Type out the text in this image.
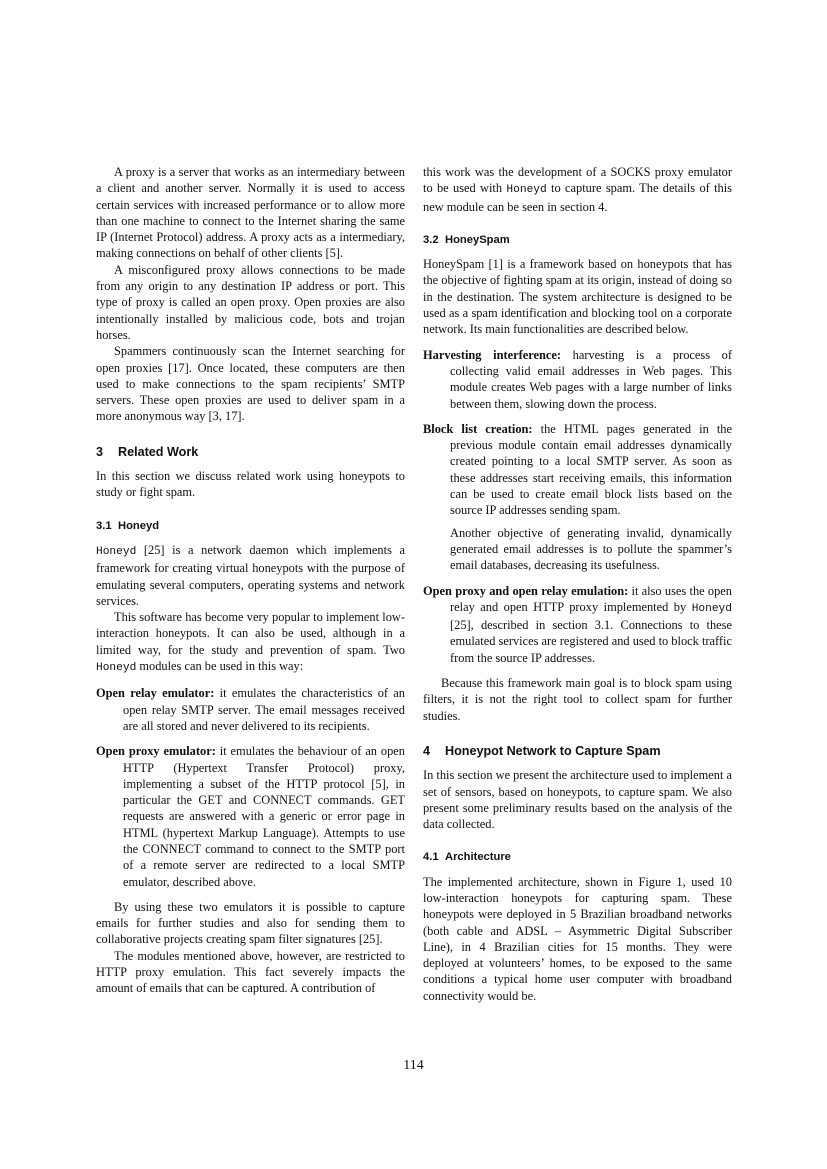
A proxy is a server that works as an intermediary between a client and another server. Normally it is used to access certain services with increased performance or to allow more than one machine to connect to the Internet sharing the same IP (Internet Protocol) address. A proxy acts as a intermediary, making connections on behalf of other clients [5].

A misconfigured proxy allows connections to be made from any origin to any destination IP address or port. This type of proxy is called an open proxy. Open proxies are also intentionally installed by malicious code, bots and trojan horses.

Spammers continuously scan the Internet searching for open proxies [17]. Once located, these computers are then used to make connections to the spam recipients’ SMTP servers. These open proxies are used to deliver spam in a more anonymous way [3, 17].

3 Related Work

In this section we discuss related work using honeypots to study or fight spam.

3.1 Honeyd

Honeyd [25] is a network daemon which implements a framework for creating virtual honeypots with the purpose of emulating several computers, operating systems and network services.

This software has become very popular to implement low-interaction honeypots. It can also be used, although in a limited way, for the study and prevention of spam. Two Honeyd modules can be used in this way:

Open relay emulator: it emulates the characteristics of an open relay SMTP server. The email messages received are all stored and never delivered to its recipients.
Open proxy emulator: it emulates the behaviour of an open HTTP (Hypertext Transfer Protocol) proxy, implementing a subset of the HTTP protocol [5], in particular the GET and CONNECT commands. GET requests are answered with a generic or error page in HTML (hypertext Markup Language). Attempts to use the CONNECT command to connect to the SMTP port of a remote server are redirected to a local SMTP emulator, described above.

By using these two emulators it is possible to capture emails for further studies and also for sending them to collaborative projects creating spam filter signatures [25].

The modules mentioned above, however, are restricted to HTTP proxy emulation. This fact severely impacts the amount of emails that can be captured. A contribution of

this work was the development of a SOCKS proxy emulator to be used with Honeyd to capture spam. The details of this new module can be seen in section 4.

3.2 HoneySpam

HoneySpam [1] is a framework based on honeypots that has the objective of fighting spam at its origin, instead of doing so in the destination. The system architecture is designed to be used as a spam identification and blocking tool on a corporate network. Its main functionalities are described below.

Harvesting interference: harvesting is a process of collecting valid email addresses in Web pages. This module creates Web pages with a large number of links between them, slowing down the process.
Block list creation: the HTML pages generated in the previous module contain email addresses dynamically created pointing to a local SMTP server. As soon as these addresses start receiving emails, this information can be used to create email block lists based on the source IP addresses sending spam.

Another objective of generating invalid, dynamically generated email addresses is to pollute the spammer’s email databases, decreasing its usefulness.

Open proxy and open relay emulation: it also uses the open relay and open HTTP proxy implemented by Honeyd [25], described in section 3.1. Connections to these emulated services are registered and used to block traffic from the source IP addresses.

Because this framework main goal is to block spam using filters, it is not the right tool to collect spam for further studies.

4 Honeypot Network to Capture Spam

In this section we present the architecture used to implement a set of sensors, based on honeypots, to capture spam. We also present some preliminary results based on the analysis of the data collected.

4.1 Architecture

The implemented architecture, shown in Figure 1, used 10 low-interaction honeypots for capturing spam. These honeypots were deployed in 5 Brazilian broadband networks (both cable and ADSL – Asymmetric Digital Subscriber Line), in 4 Brazilian cities for 15 months. They were deployed at volunteers’ homes, to be exposed to the same conditions a typical home user computer with broadband connectivity would be.

114
